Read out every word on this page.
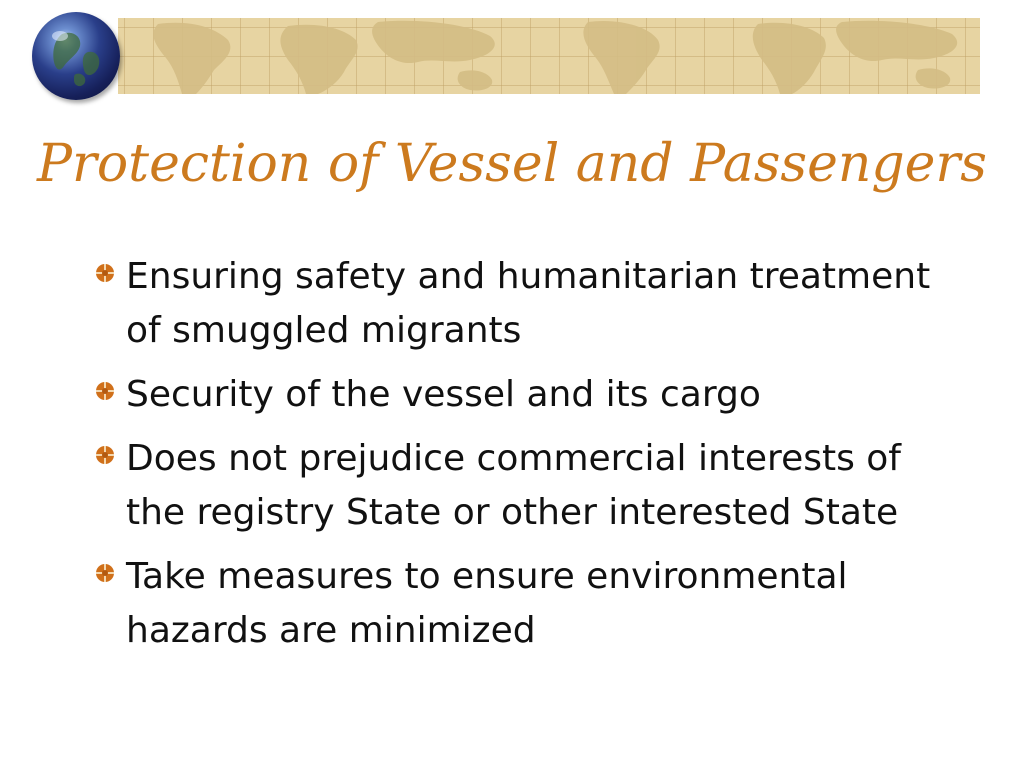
Protection of Vessel and Passengers
Ensuring safety and humanitarian treatment of smuggled migrants
Security of the vessel and its cargo
Does not prejudice commercial interests of the registry State or other interested State
Take measures to ensure environmental hazards are minimized
